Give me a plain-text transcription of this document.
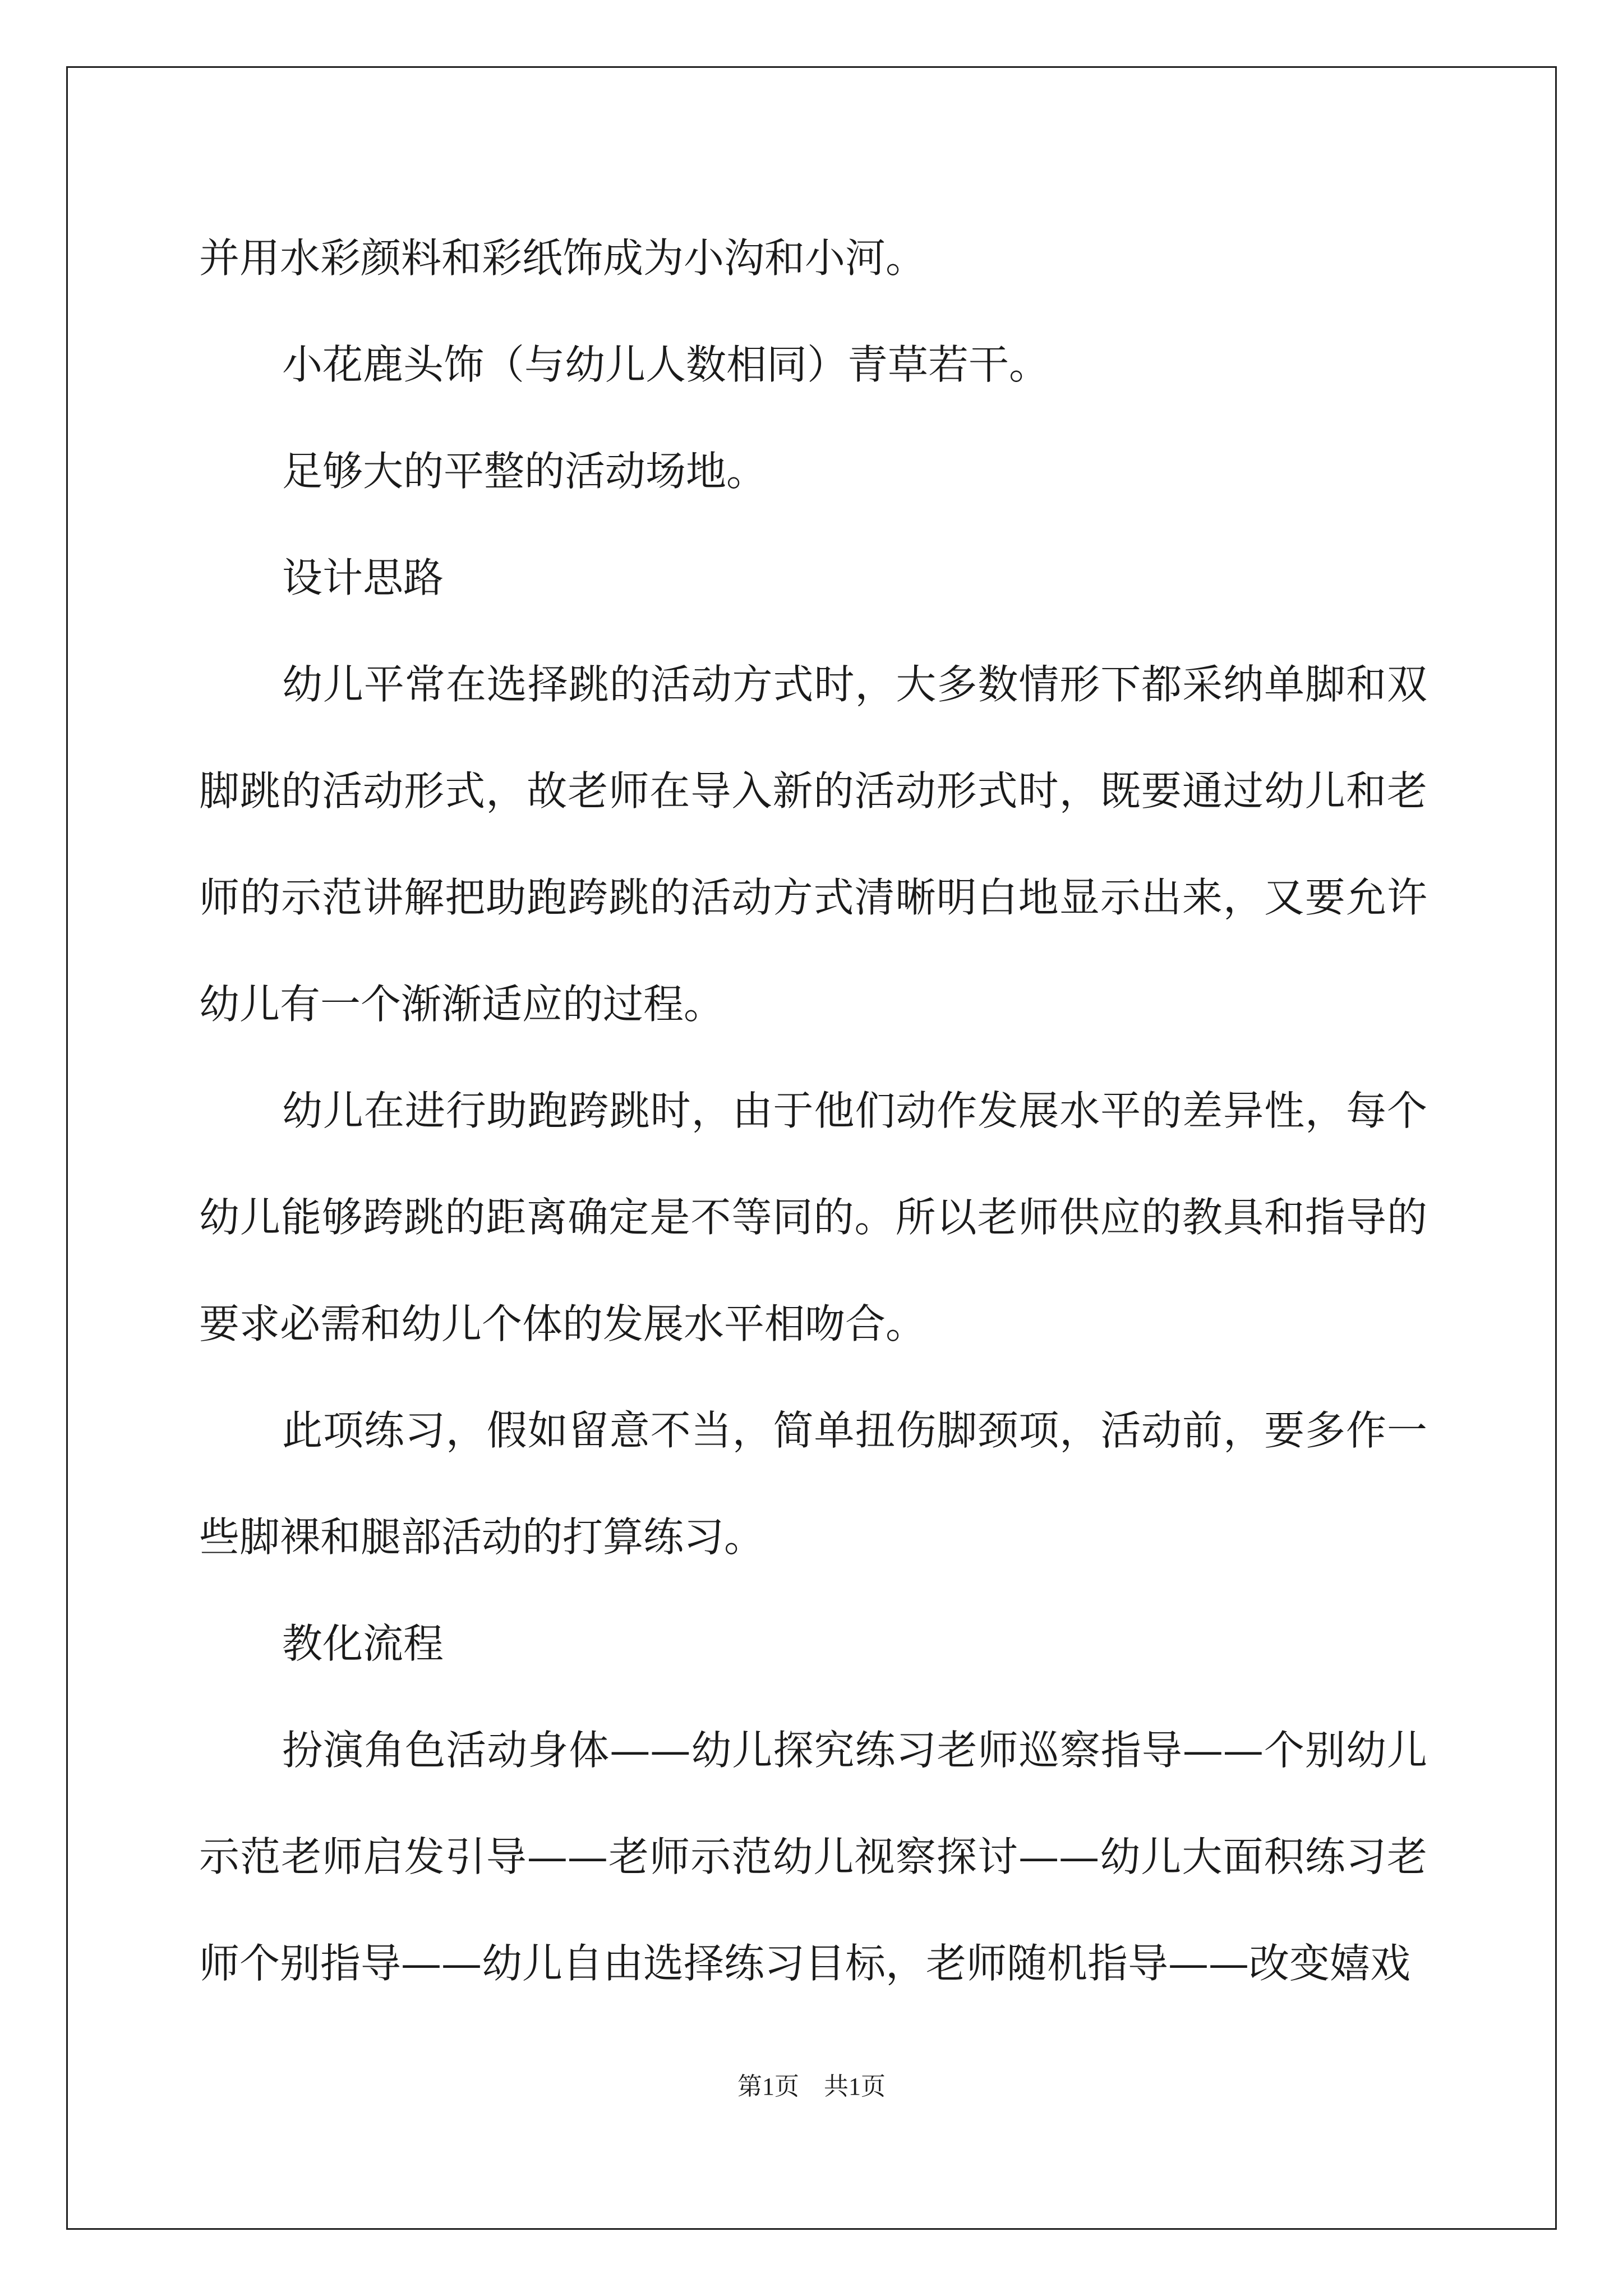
并用水彩颜料和彩纸饰成为小沟和小河。

小花鹿头饰（与幼儿人数相同）青草若干。

足够大的平整的活动场地。

设计思路

幼儿平常在选择跳的活动方式时，大多数情形下都采纳单脚和双脚跳的活动形式，故老师在导入新的活动形式时，既要通过幼儿和老师的示范讲解把助跑跨跳的活动方式清晰明白地显示出来，又要允许幼儿有一个渐渐适应的过程。

幼儿在进行助跑跨跳时，由于他们动作发展水平的差异性，每个幼儿能够跨跳的距离确定是不等同的。所以老师供应的教具和指导的要求必需和幼儿个体的发展水平相吻合。

此项练习，假如留意不当，简单扭伤脚颈项，活动前，要多作一些脚裸和腿部活动的打算练习。

教化流程

扮演角色活动身体——幼儿探究练习老师巡察指导——个别幼儿示范老师启发引导——老师示范幼儿视察探讨——幼儿大面积练习老师个别指导——幼儿自由选择练习目标，老师随机指导——改变嬉戏

第1页 共1页
